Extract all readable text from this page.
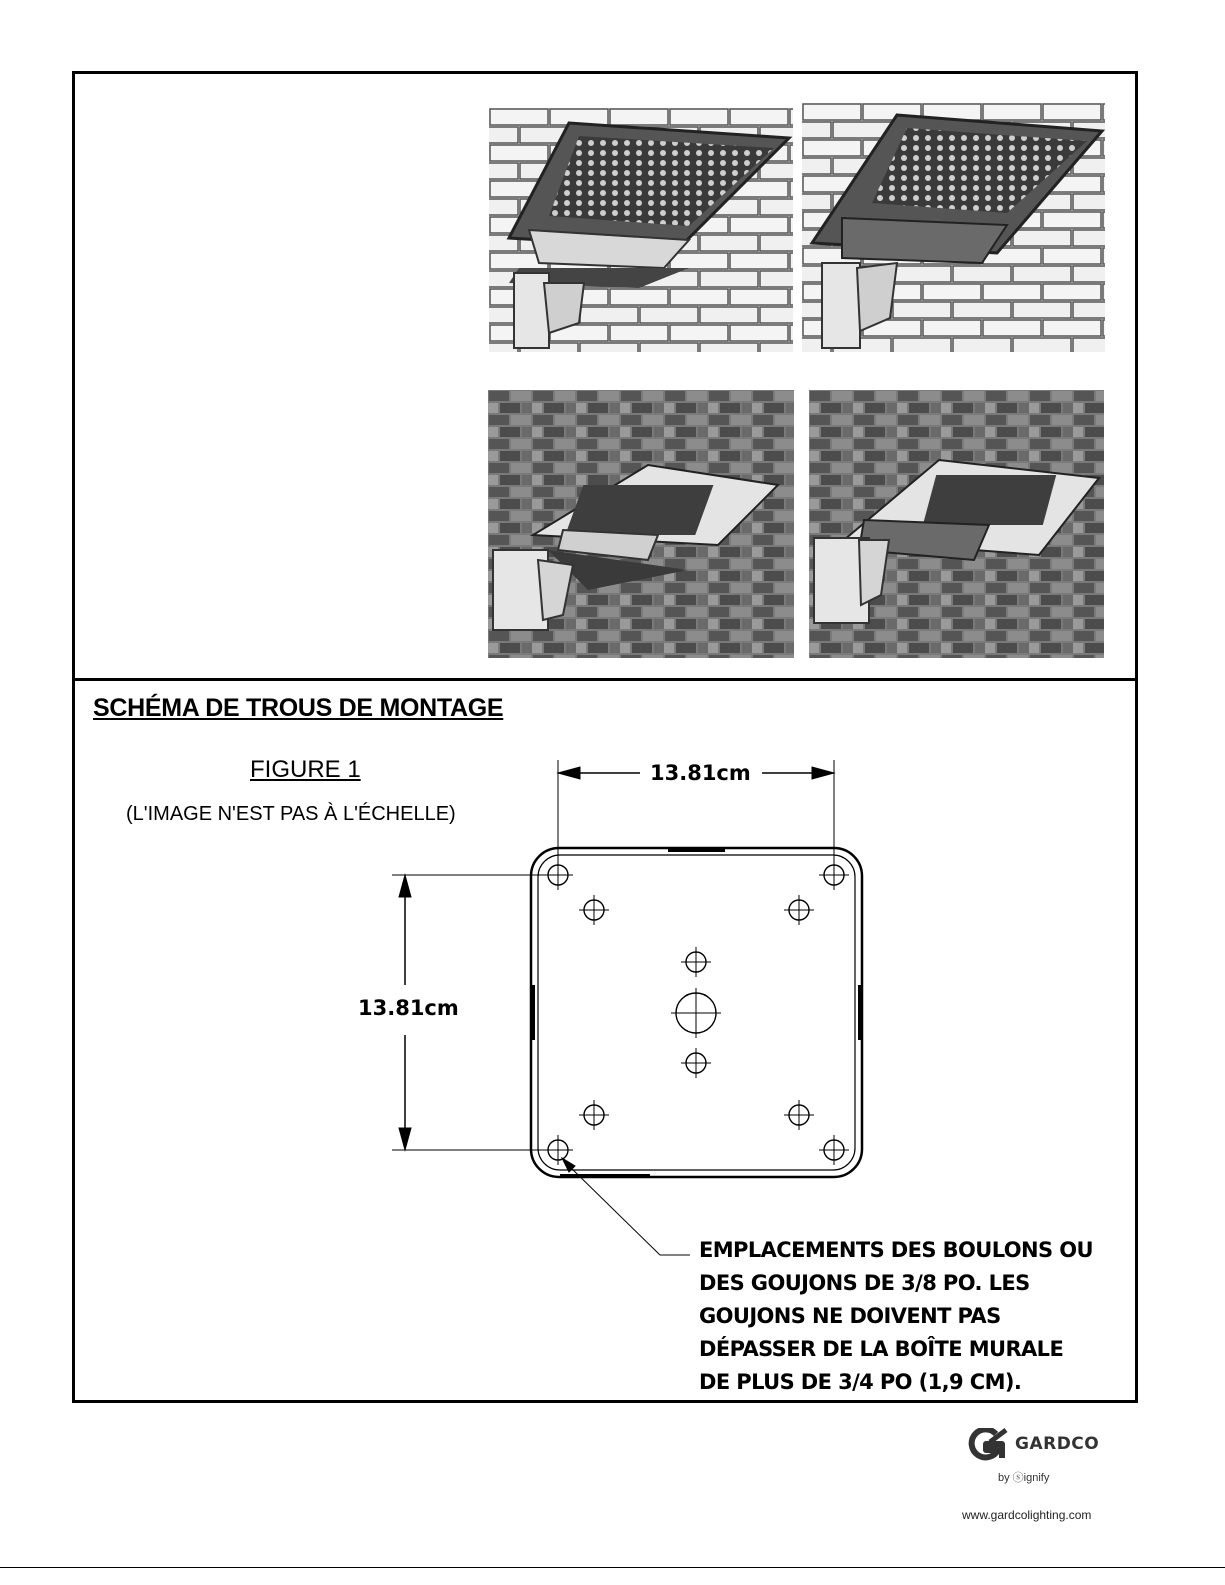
SCHÉMA DE TROUS DE MONTAGE
FIGURE 1
(L'IMAGE N'EST PAS À L'ÉCHELLE)
13.81cm
13.81cm
EMPLACEMENTS DES BOULONS OU
DES GOUJONS DE 3/8 PO. LES
GOUJONS NE DOIVENT PAS
DÉPASSER DE LA BOÎTE MURALE
DE PLUS DE 3/4 PO (1,9 CM).
GARDCO
by ⓢignify
www.gardcolighting.com
